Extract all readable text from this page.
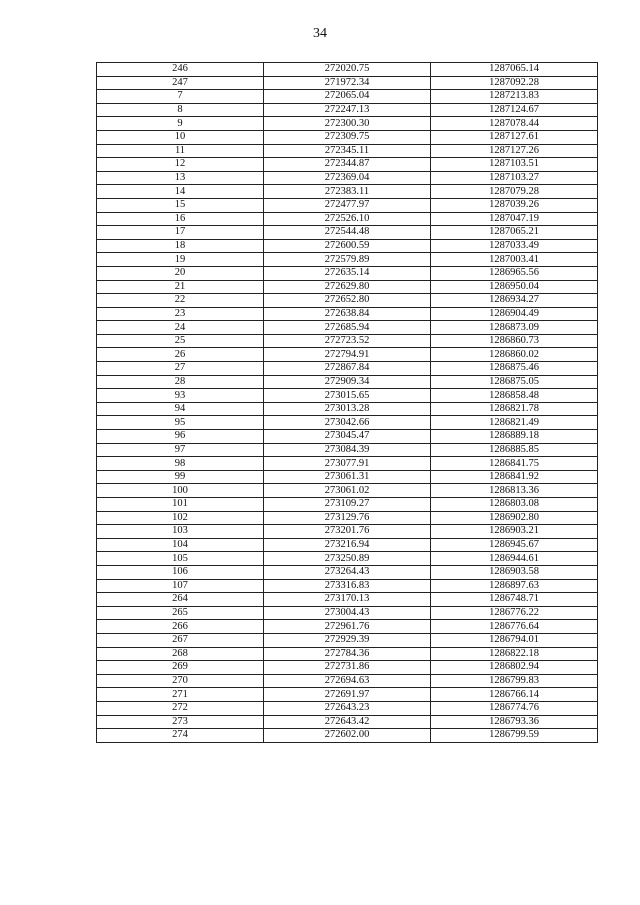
34
246	272020.75	1287065.14
247	271972.34	1287092.28
7	272065.04	1287213.83
8	272247.13	1287124.67
9	272300.30	1287078.44
10	272309.75	1287127.61
11	272345.11	1287127.26
12	272344.87	1287103.51
13	272369.04	1287103.27
14	272383.11	1287079.28
15	272477.97	1287039.26
16	272526.10	1287047.19
17	272544.48	1287065.21
18	272600.59	1287033.49
19	272579.89	1287003.41
20	272635.14	1286965.56
21	272629.80	1286950.04
22	272652.80	1286934.27
23	272638.84	1286904.49
24	272685.94	1286873.09
25	272723.52	1286860.73
26	272794.91	1286860.02
27	272867.84	1286875.46
28	272909.34	1286875.05
93	273015.65	1286858.48
94	273013.28	1286821.78
95	273042.66	1286821.49
96	273045.47	1286889.18
97	273084.39	1286885.85
98	273077.91	1286841.75
99	273061.31	1286841.92
100	273061.02	1286813.36
101	273109.27	1286803.08
102	273129.76	1286902.80
103	273201.76	1286903.21
104	273216.94	1286945.67
105	273250.89	1286944.61
106	273264.43	1286903.58
107	273316.83	1286897.63
264	273170.13	1286748.71
265	273004.43	1286776.22
266	272961.76	1286776.64
267	272929.39	1286794.01
268	272784.36	1286822.18
269	272731.86	1286802.94
270	272694.63	1286799.83
271	272691.97	1286766.14
272	272643.23	1286774.76
273	272643.42	1286793.36
274	272602.00	1286799.59
